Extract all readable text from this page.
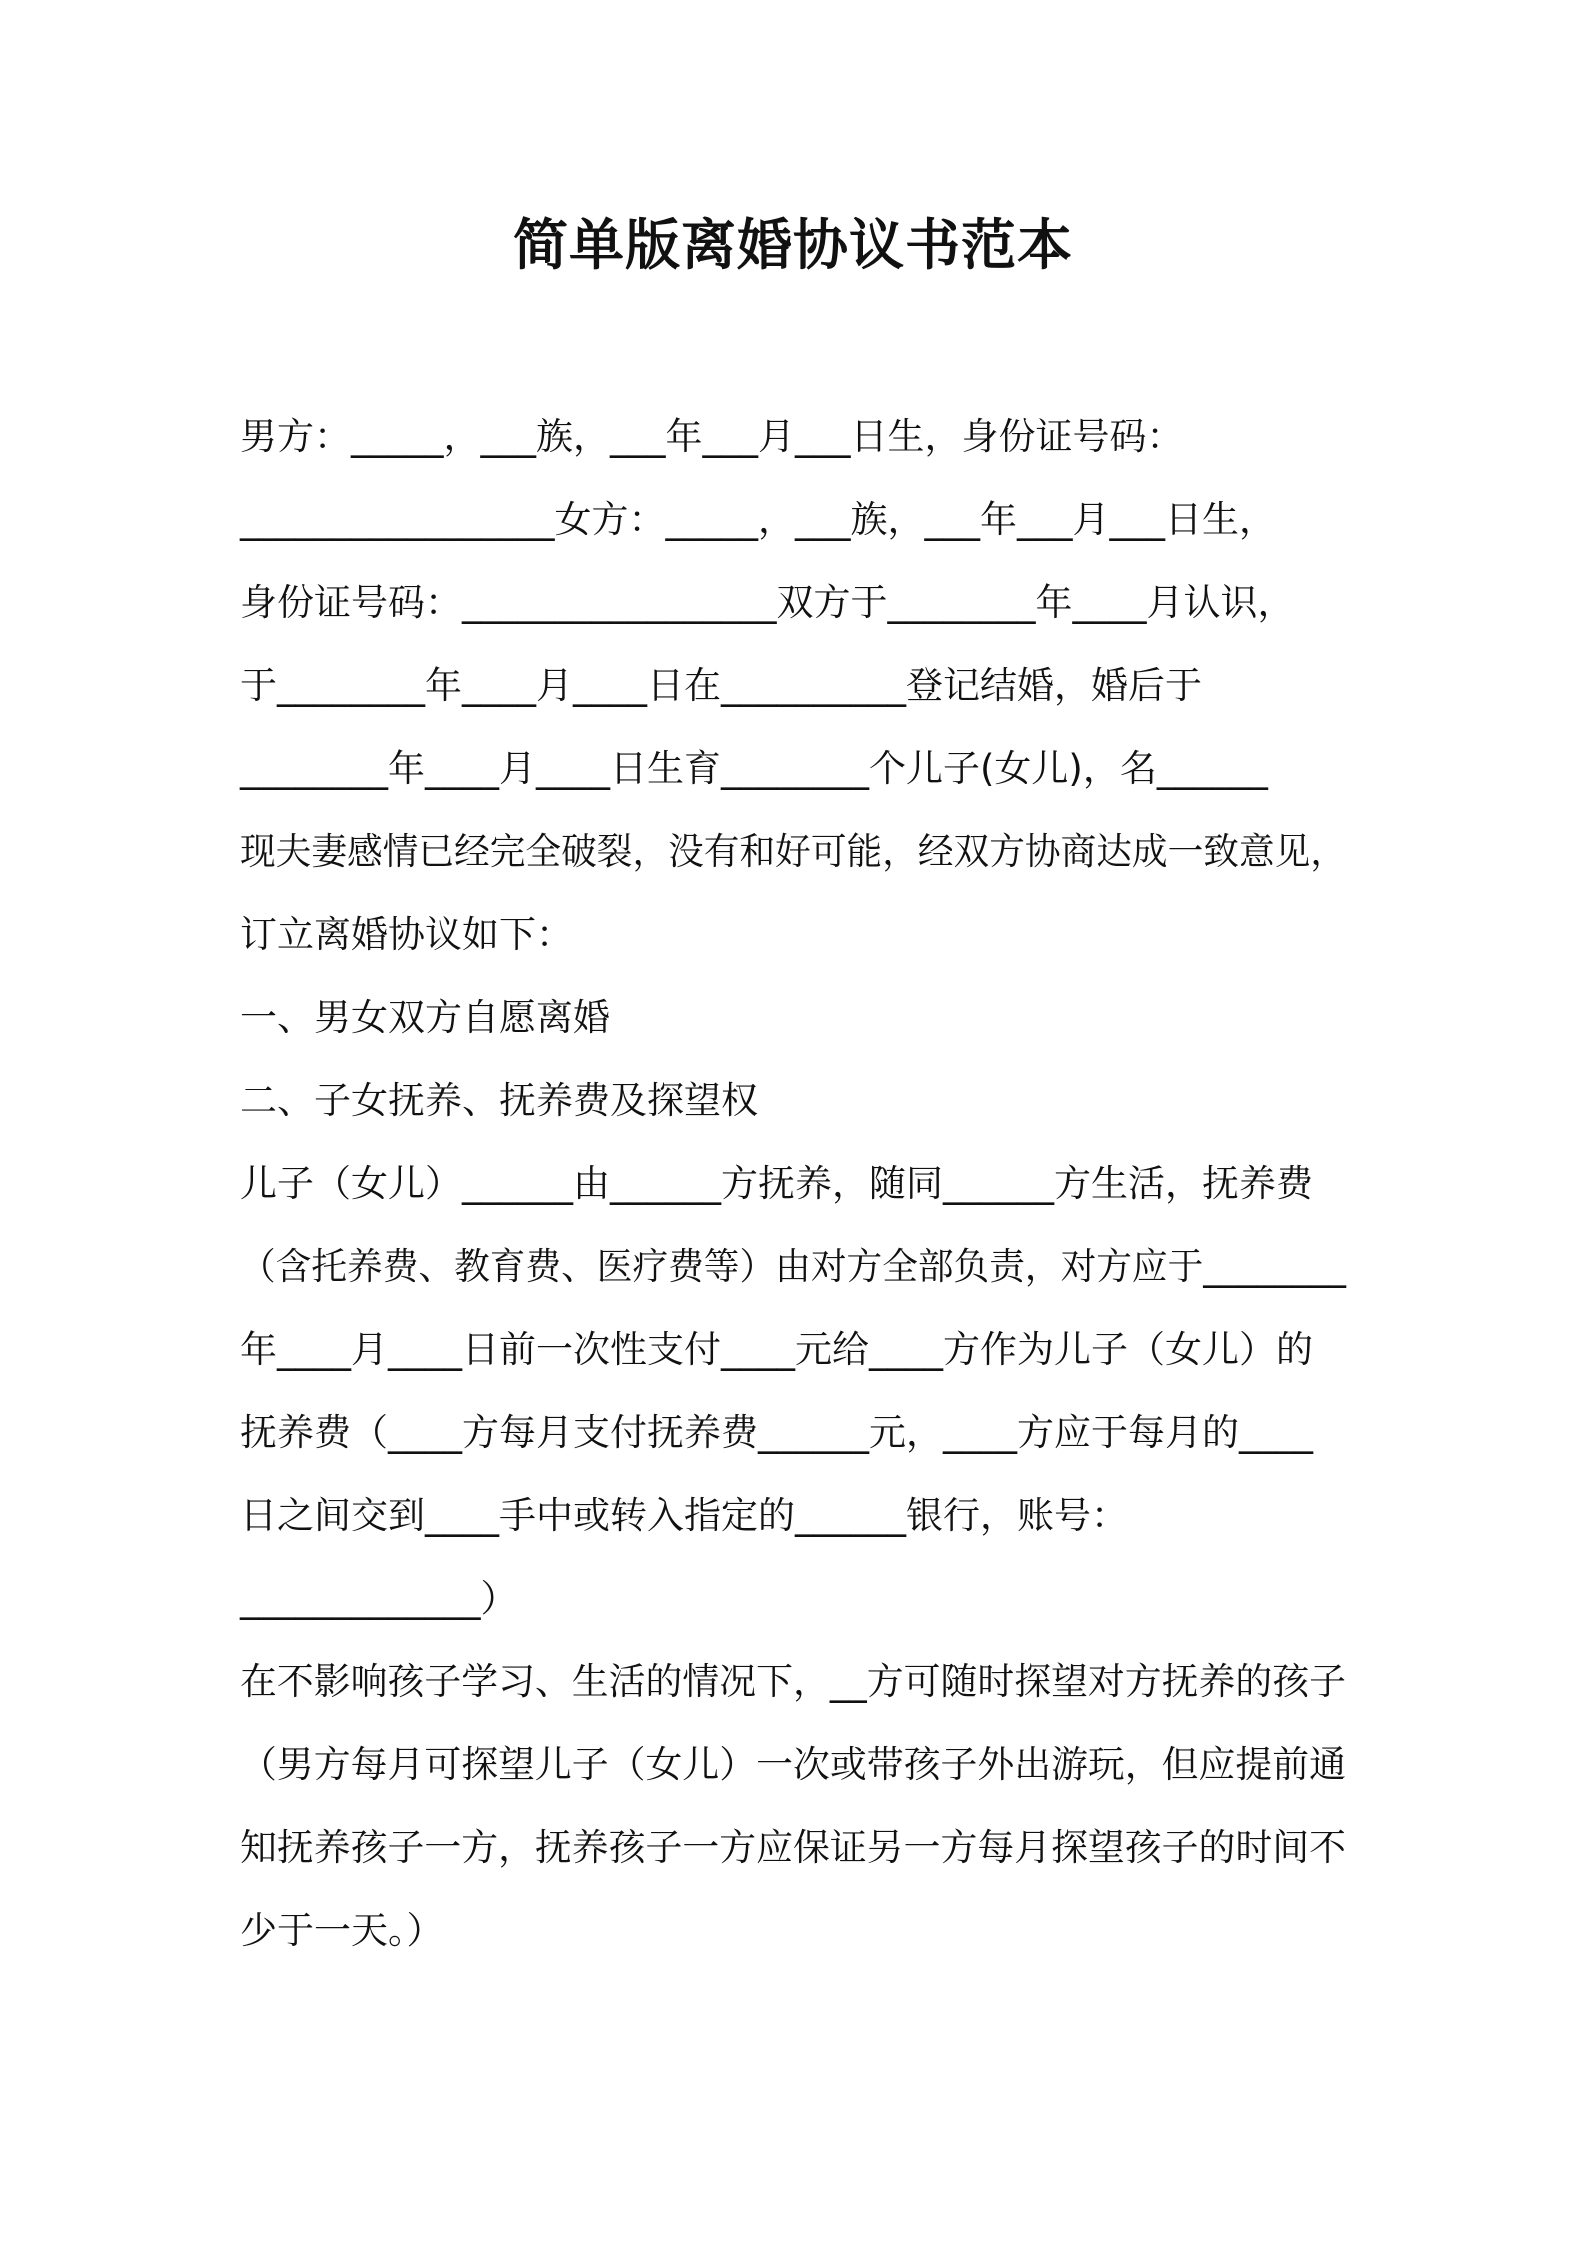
简单版离婚协议书范本
男方：_____，___族，___年___月___日生，身份证号码：
_________________女方：_____，___族，___年___月___日生，
身份证号码：_________________双方于________年____月认识，
于________年____月____日在__________登记结婚，婚后于
________年____月____日生育________个儿子(女儿)，名______
现夫妻感情已经完全破裂，没有和好可能，经双方协商达成一致意见，
订立离婚协议如下：
一、男女双方自愿离婚
二、子女抚养、抚养费及探望权
儿子（女儿）______由______方抚养，随同______方生活，抚养费
（含托养费、教育费、医疗费等）由对方全部负责，对方应于________
年____月____日前一次性支付____元给____方作为儿子（女儿）的
抚养费（____方每月支付抚养费______元，____方应于每月的____
日之间交到____手中或转入指定的______银行，账号：
_____________）
在不影响孩子学习、生活的情况下，__方可随时探望对方抚养的孩子
（男方每月可探望儿子（女儿）一次或带孩子外出游玩，但应提前通
知抚养孩子一方，抚养孩子一方应保证另一方每月探望孩子的时间不
少于一天。）
